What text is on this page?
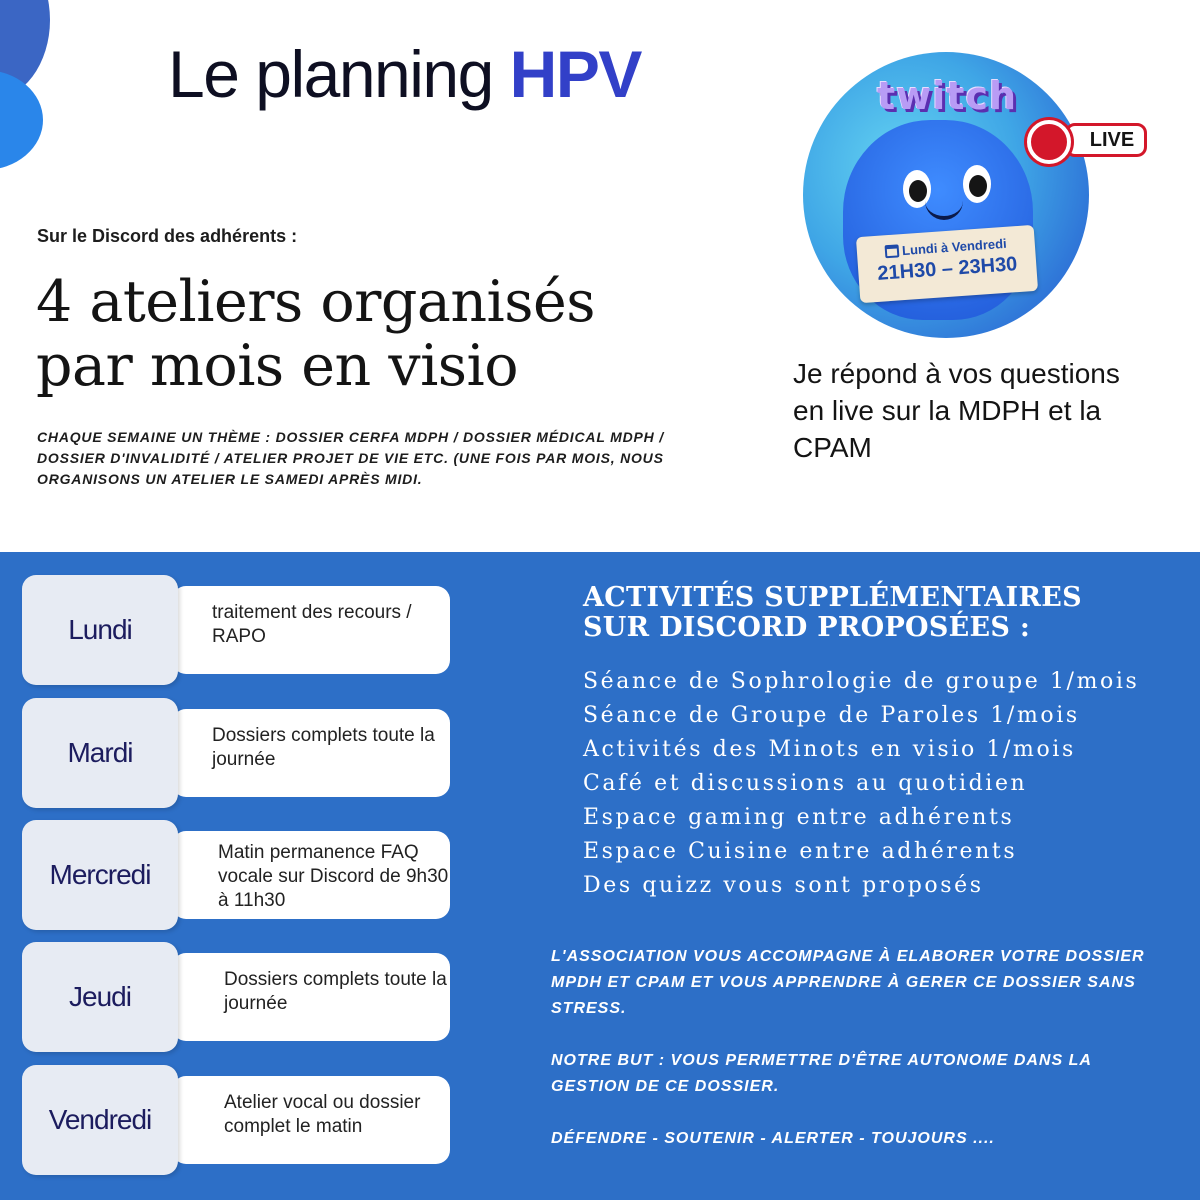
Le planning HPV
Sur le Discord des adhérents :
4 ateliers organisés par mois en visio
CHAQUE SEMAINE UN THÈME : DOSSIER CERFA MDPH / DOSSIER MÉDICAL MDPH / DOSSIER D'INVALIDITÉ / ATELIER PROJET DE VIE ETC. (UNE FOIS PAR MOIS, NOUS ORGANISONS UN ATELIER LE SAMEDI APRÈS MIDI.
twitch
Lundi à Vendredi
21H30 – 23H30
LIVE
Je répond à vos questions en live sur la MDPH et la CPAM
traitement des recours / RAPO
Lundi
Dossiers complets toute la journée
Mardi
Matin permanence FAQ vocale sur Discord de 9h30 à 11h30
Mercredi
Dossiers complets toute la journée
Jeudi
Atelier vocal ou dossier complet le matin
Vendredi
ACTIVITÉS SUPPLÉMENTAIRES SUR DISCORD PROPOSÉES :
Séance de Sophrologie de groupe 1/mois
Séance de Groupe de Paroles 1/mois
Activités des Minots en visio 1/mois
Café et discussions au quotidien
Espace gaming entre adhérents
Espace Cuisine entre adhérents
Des quizz vous sont proposés

L'ASSOCIATION VOUS ACCOMPAGNE À ELABORER VOTRE DOSSIER MPDH ET CPAM ET VOUS APPRENDRE À GERER CE DOSSIER SANS STRESS.

NOTRE BUT : VOUS PERMETTRE D'ÊTRE AUTONOME DANS LA GESTION DE CE DOSSIER.

DÉFENDRE - SOUTENIR - ALERTER - TOUJOURS ....
